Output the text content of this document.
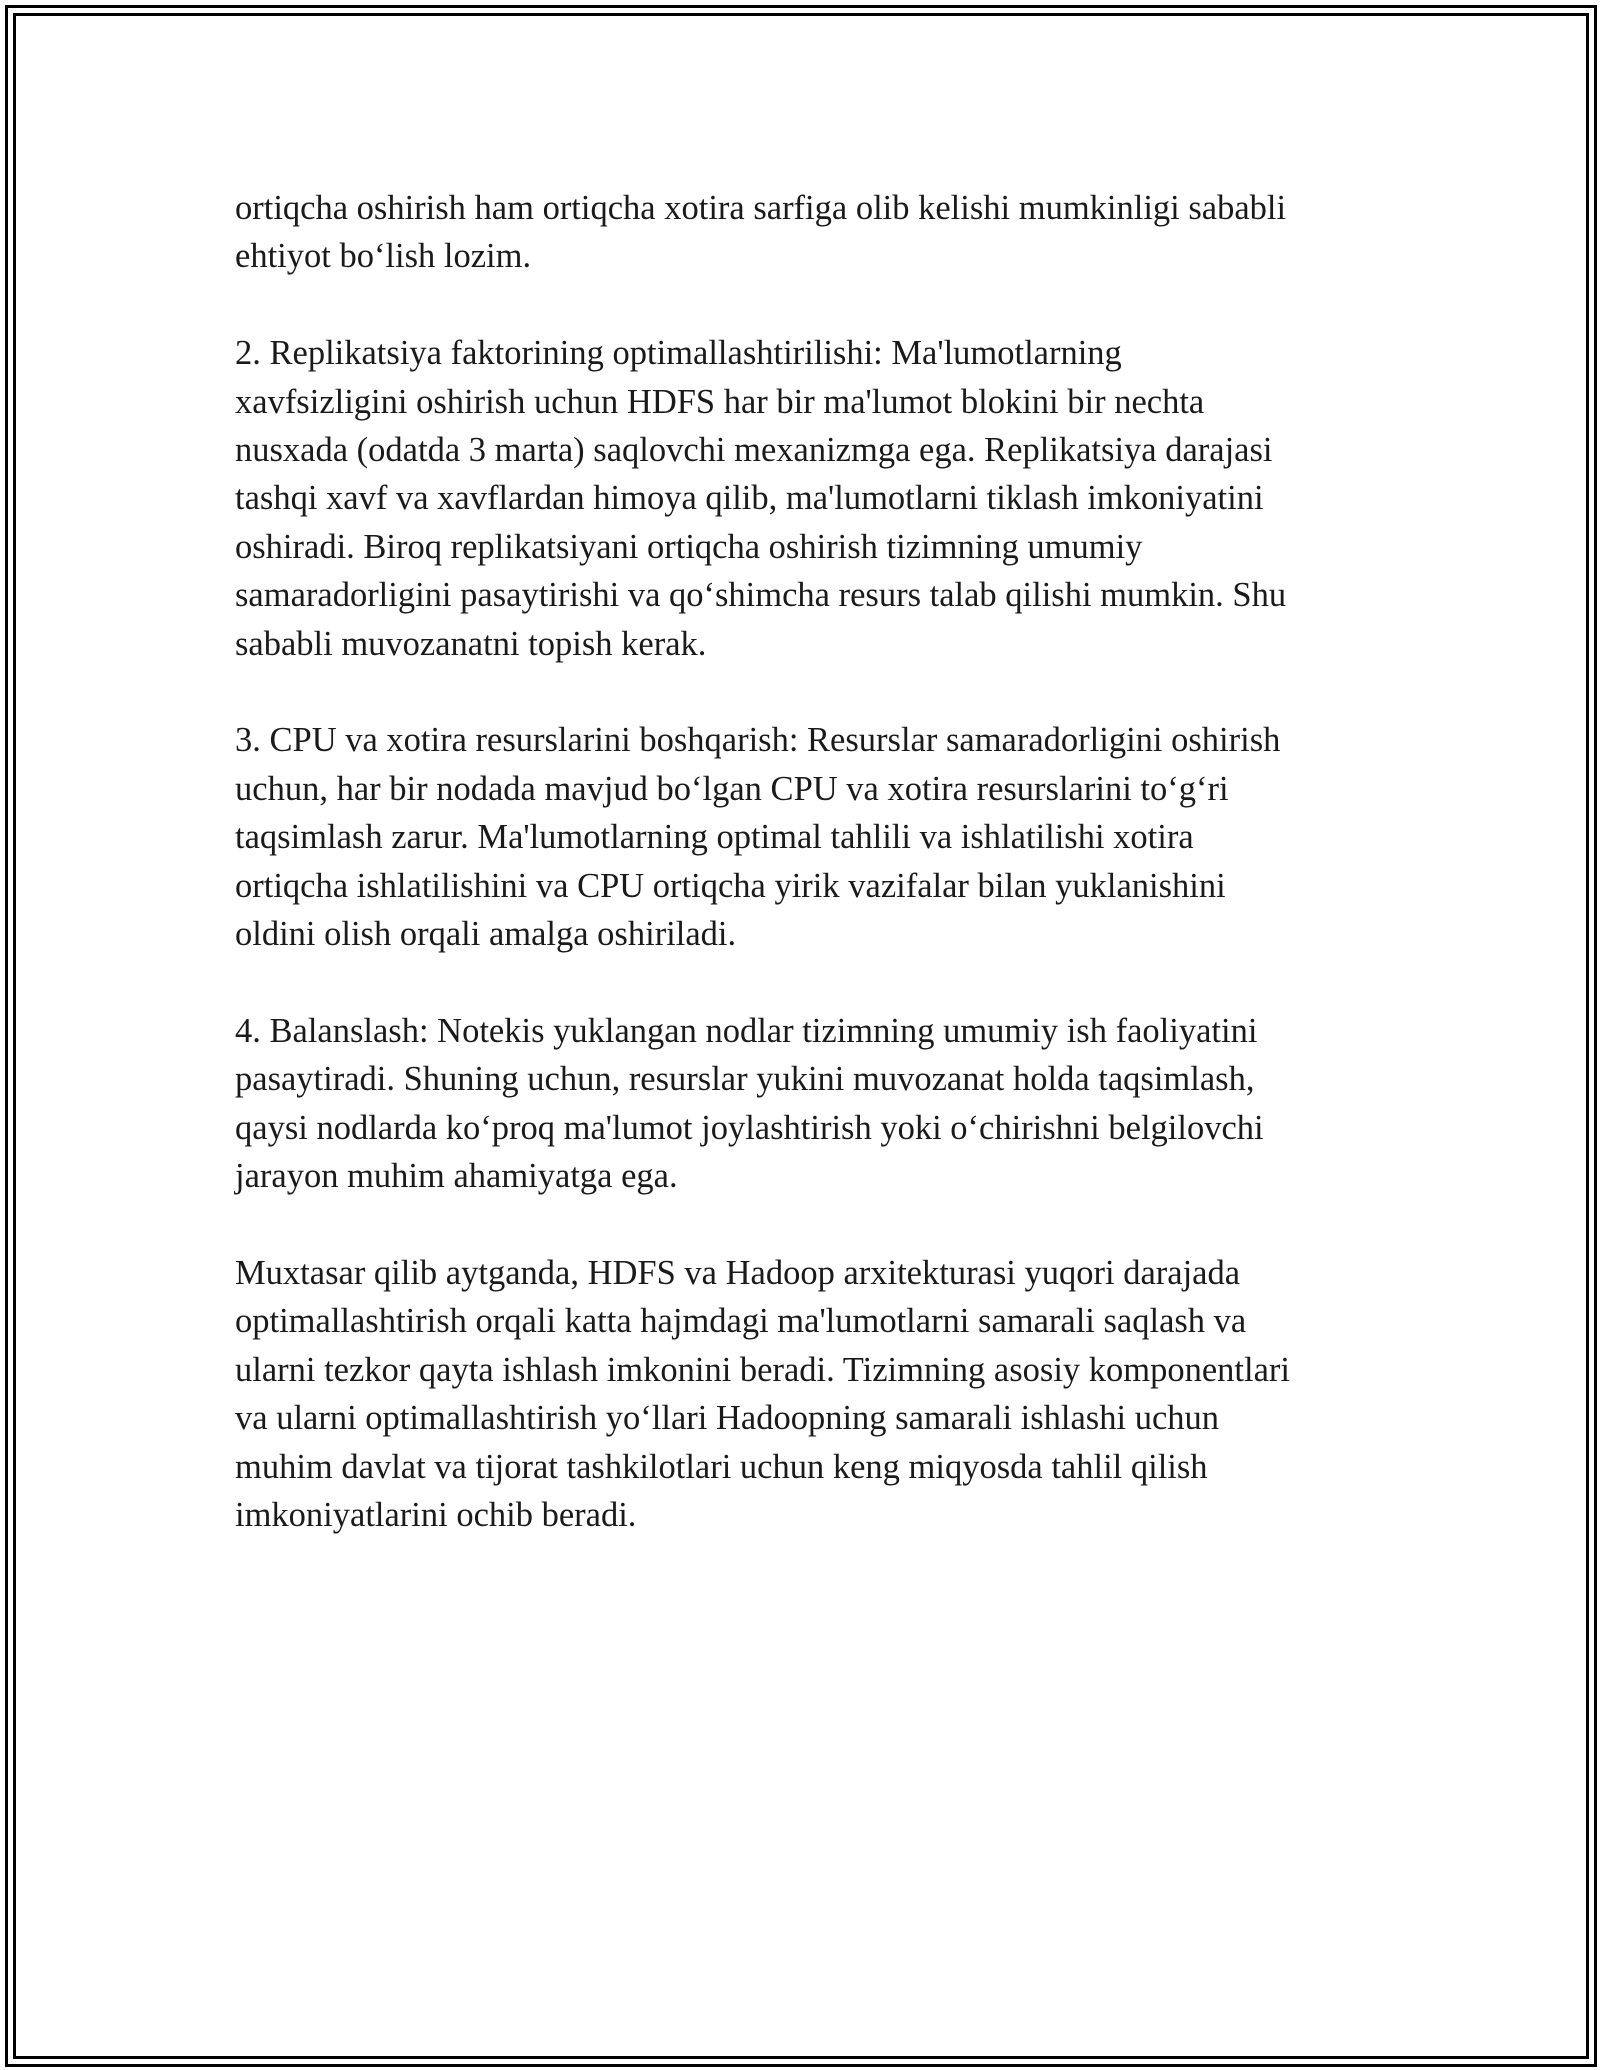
ortiqcha oshirish ham ortiqcha xotira sarfiga olib kelishi mumkinligi sababli
ehtiyot bo‘lish lozim.
2. Replikatsiya faktorining optimallashtirilishi: Ma'lumotlarning
xavfsizligini oshirish uchun HDFS har bir ma'lumot blokini bir nechta
nusxada (odatda 3 marta) saqlovchi mexanizmga ega. Replikatsiya darajasi
tashqi xavf va xavflardan himoya qilib, ma'lumotlarni tiklash imkoniyatini
oshiradi. Biroq replikatsiyani ortiqcha oshirish tizimning umumiy
samaradorligini pasaytirishi va qo‘shimcha resurs talab qilishi mumkin. Shu
sababli muvozanatni topish kerak.
3. CPU va xotira resurslarini boshqarish: Resurslar samaradorligini oshirish
uchun, har bir nodada mavjud bo‘lgan CPU va xotira resurslarini to‘g‘ri
taqsimlash zarur. Ma'lumotlarning optimal tahlili va ishlatilishi xotira
ortiqcha ishlatilishini va CPU ortiqcha yirik vazifalar bilan yuklanishini
oldini olish orqali amalga oshiriladi.
4. Balanslash: Notekis yuklangan nodlar tizimning umumiy ish faoliyatini
pasaytiradi. Shuning uchun, resurslar yukini muvozanat holda taqsimlash,
qaysi nodlarda ko‘proq ma'lumot joylashtirish yoki o‘chirishni belgilovchi
jarayon muhim ahamiyatga ega.
Muxtasar qilib aytganda, HDFS va Hadoop arxitekturasi yuqori darajada
optimallashtirish orqali katta hajmdagi ma'lumotlarni samarali saqlash va
ularni tezkor qayta ishlash imkonini beradi. Tizimning asosiy komponentlari
va ularni optimallashtirish yo‘llari Hadoopning samarali ishlashi uchun
muhim davlat va tijorat tashkilotlari uchun keng miqyosda tahlil qilish
imkoniyatlarini ochib beradi.
